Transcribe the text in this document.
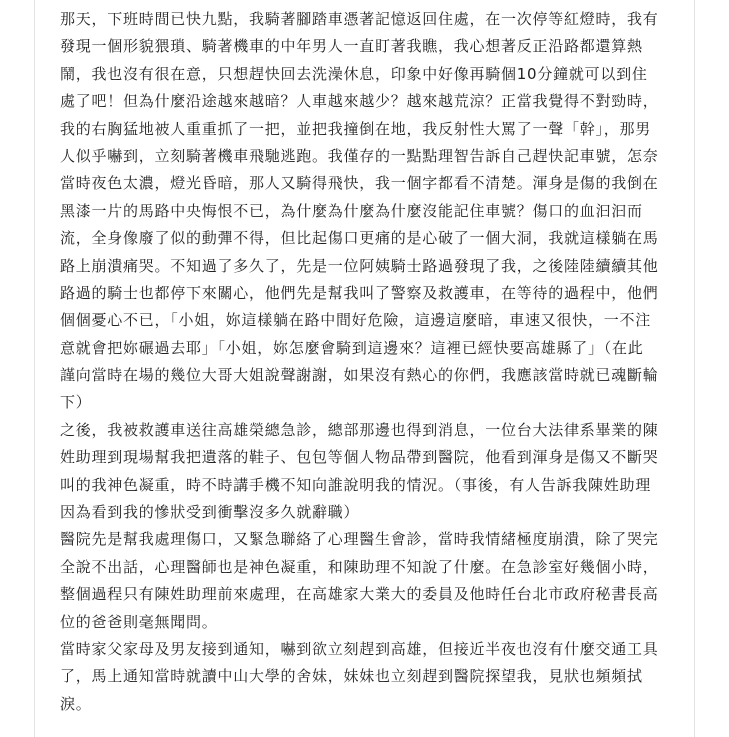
那天，下班時間已快九點，我騎著腳踏車憑著記憶返回住處，在一次停等紅燈時，我有
發現一個形貌猥瑣、騎著機車的中年男人一直盯著我瞧，我心想著反正沿路都還算熱
鬧，我也沒有很在意，只想趕快回去洗澡休息，印象中好像再騎個10分鐘就可以到住
處了吧！但為什麼沿途越來越暗？人車越來越少？越來越荒涼？正當我覺得不對勁時，
我的右胸猛地被人重重抓了一把，並把我撞倒在地，我反射性大罵了一聲「幹」，那男
人似乎嚇到，立刻騎著機車飛馳逃跑。我僅存的一點點理智告訴自己趕快記車號，怎奈
當時夜色太濃，燈光昏暗，那人又騎得飛快，我一個字都看不清楚。渾身是傷的我倒在
黑漆一片的馬路中央悔恨不已，為什麼為什麼為什麼沒能記住車號？傷口的血汩汩而
流，全身像廢了似的動彈不得，但比起傷口更痛的是心破了一個大洞，我就這樣躺在馬
路上崩潰痛哭。不知過了多久了，先是一位阿姨騎士路過發現了我，之後陸陸續續其他
路過的騎士也都停下來關心，他們先是幫我叫了警察及救護車，在等待的過程中，他們
個個憂心不已，「小姐，妳這樣躺在路中間好危險，這邊這麼暗，車速又很快，一不注
意就會把妳碾過去耶」「小姐，妳怎麼會騎到這邊來？這裡已經快要高雄縣了」（在此
謹向當時在場的幾位大哥大姐說聲謝謝，如果沒有熱心的你們，我應該當時就已魂斷輪
下）
之後，我被救護車送往高雄榮總急診，總部那邊也得到消息，一位台大法律系畢業的陳
姓助理到現場幫我把遺落的鞋子、包包等個人物品帶到醫院，他看到渾身是傷又不斷哭
叫的我神色凝重，時不時講手機不知向誰說明我的情況。（事後，有人告訴我陳姓助理
因為看到我的慘狀受到衝擊沒多久就辭職）
醫院先是幫我處理傷口，又緊急聯絡了心理醫生會診，當時我情緒極度崩潰，除了哭完
全說不出話，心理醫師也是神色凝重，和陳助理不知說了什麼。在急診室好幾個小時，
整個過程只有陳姓助理前來處理，在高雄家大業大的委員及他時任台北市政府秘書長高
位的爸爸則毫無聞問。
當時家父家母及男友接到通知，嚇到欲立刻趕到高雄，但接近半夜也沒有什麼交通工具
了，馬上通知當時就讀中山大學的舍妹，妹妹也立刻趕到醫院探望我，見狀也頻頻拭
淚。
